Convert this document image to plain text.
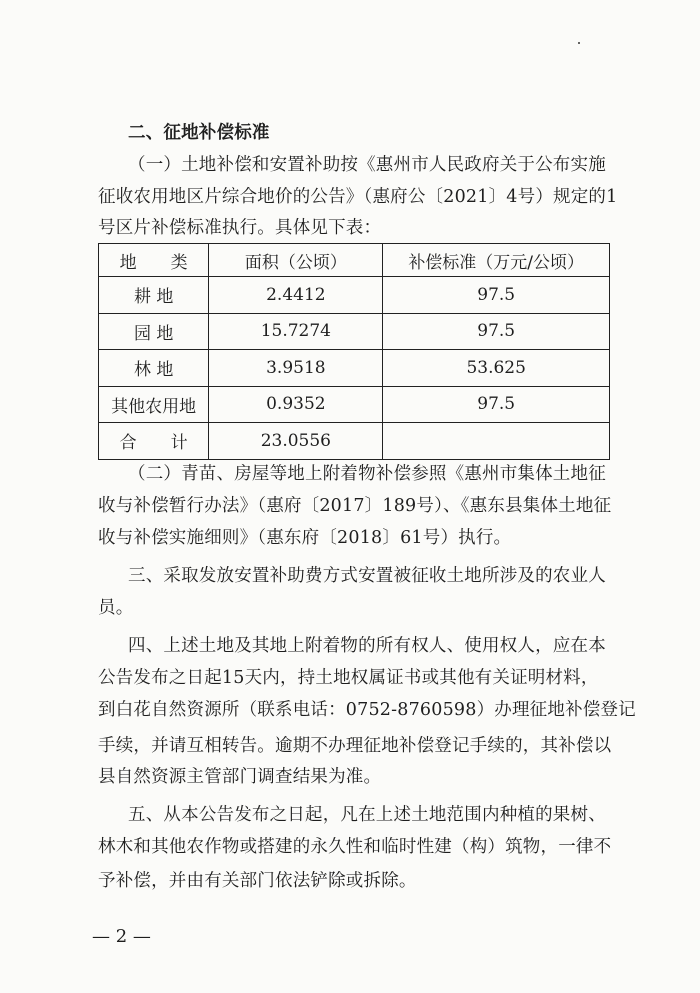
二、征地补偿标准
（一）土地补偿和安置补助按《惠州市人民政府关于公布实施
征收农用地区片综合地价的公告》（惠府公〔2021〕4号）规定的1
号区片补偿标准执行。具体见下表：
地　　类	面积（公顷）	补偿标准（万元/公顷）
耕 地	2.4412	97.5
园 地	15.7274	97.5
林 地	3.9518	53.625
其他农用地	0.9352	97.5
合　　计	23.0556	
（二）青苗、房屋等地上附着物补偿参照《惠州市集体土地征
收与补偿暂行办法》（惠府〔2017〕189号）、《惠东县集体土地征
收与补偿实施细则》（惠东府〔2018〕61号）执行。
三、采取发放安置补助费方式安置被征收土地所涉及的农业人
员。
四、上述土地及其地上附着物的所有权人、使用权人，应在本
公告发布之日起15天内，持土地权属证书或其他有关证明材料，
到白花自然资源所（联系电话：0752-8760598）办理征地补偿登记
手续，并请互相转告。逾期不办理征地补偿登记手续的，其补偿以
县自然资源主管部门调查结果为准。
五、从本公告发布之日起，凡在上述土地范围内种植的果树、
林木和其他农作物或搭建的永久性和临时性建（构）筑物，一律不
予补偿，并由有关部门依法铲除或拆除。
— 2 —
